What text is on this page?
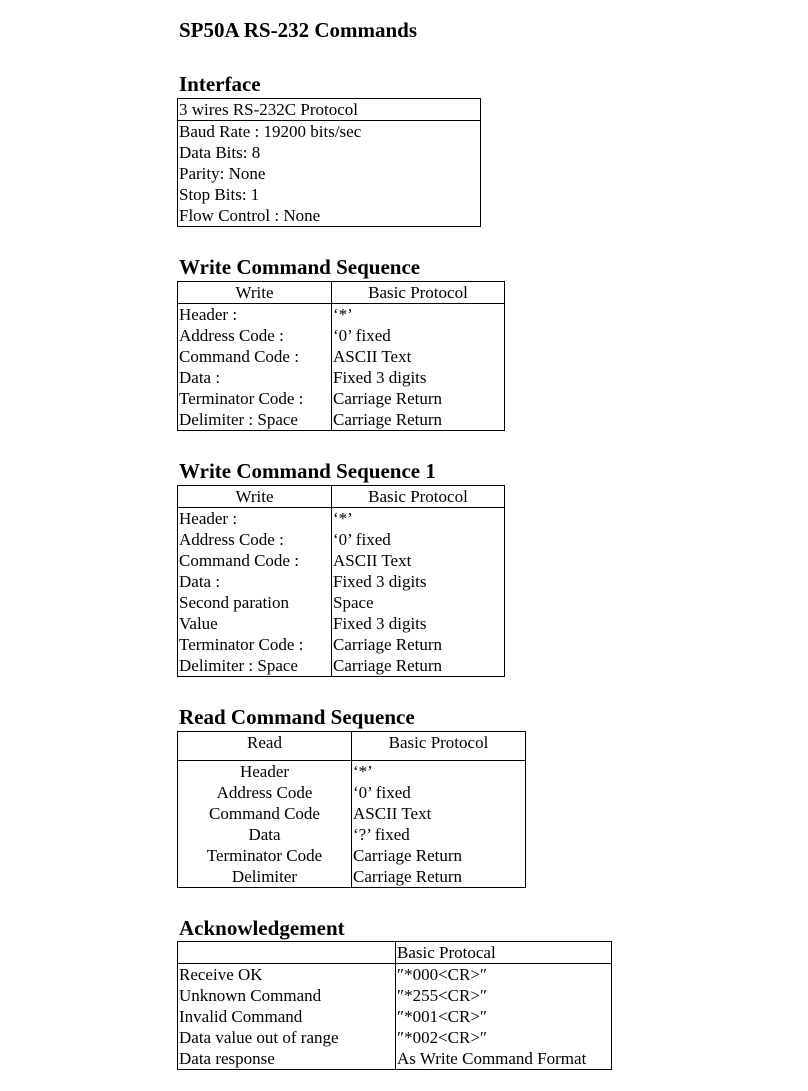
SP50A RS-232 Commands
Interface
3 wires RS-232C Protocol
Baud Rate : 19200 bits/sec
Data Bits: 8
Parity: None
Stop Bits: 1
Flow Control : None
Write Command Sequence
Write	Basic Protocol
Header :	‘*’
Address Code :	‘0’ fixed
Command Code :	ASCII Text
Data :	Fixed 3 digits
Terminator Code :	Carriage Return
Delimiter : Space	Carriage Return
Write Command Sequence 1
Write	Basic Protocol
Header :	‘*’
Address Code :	‘0’ fixed
Command Code :	ASCII Text
Data :	Fixed 3 digits
Second paration	Space
Value	Fixed 3 digits
Terminator Code :	Carriage Return
Delimiter : Space	Carriage Return
Read Command Sequence
Read	Basic Protocol
Header	‘*’
Address Code	‘0’ fixed
Command Code	ASCII Text
Data	‘?’ fixed
Terminator Code	Carriage Return
Delimiter	Carriage Return
Acknowledgement
	Basic Protocal
Receive OK	″*000<CR>″
Unknown Command	″*255<CR>″
Invalid Command	″*001<CR>″
Data value out of range	″*002<CR>″
Data response	As Write Command Format
